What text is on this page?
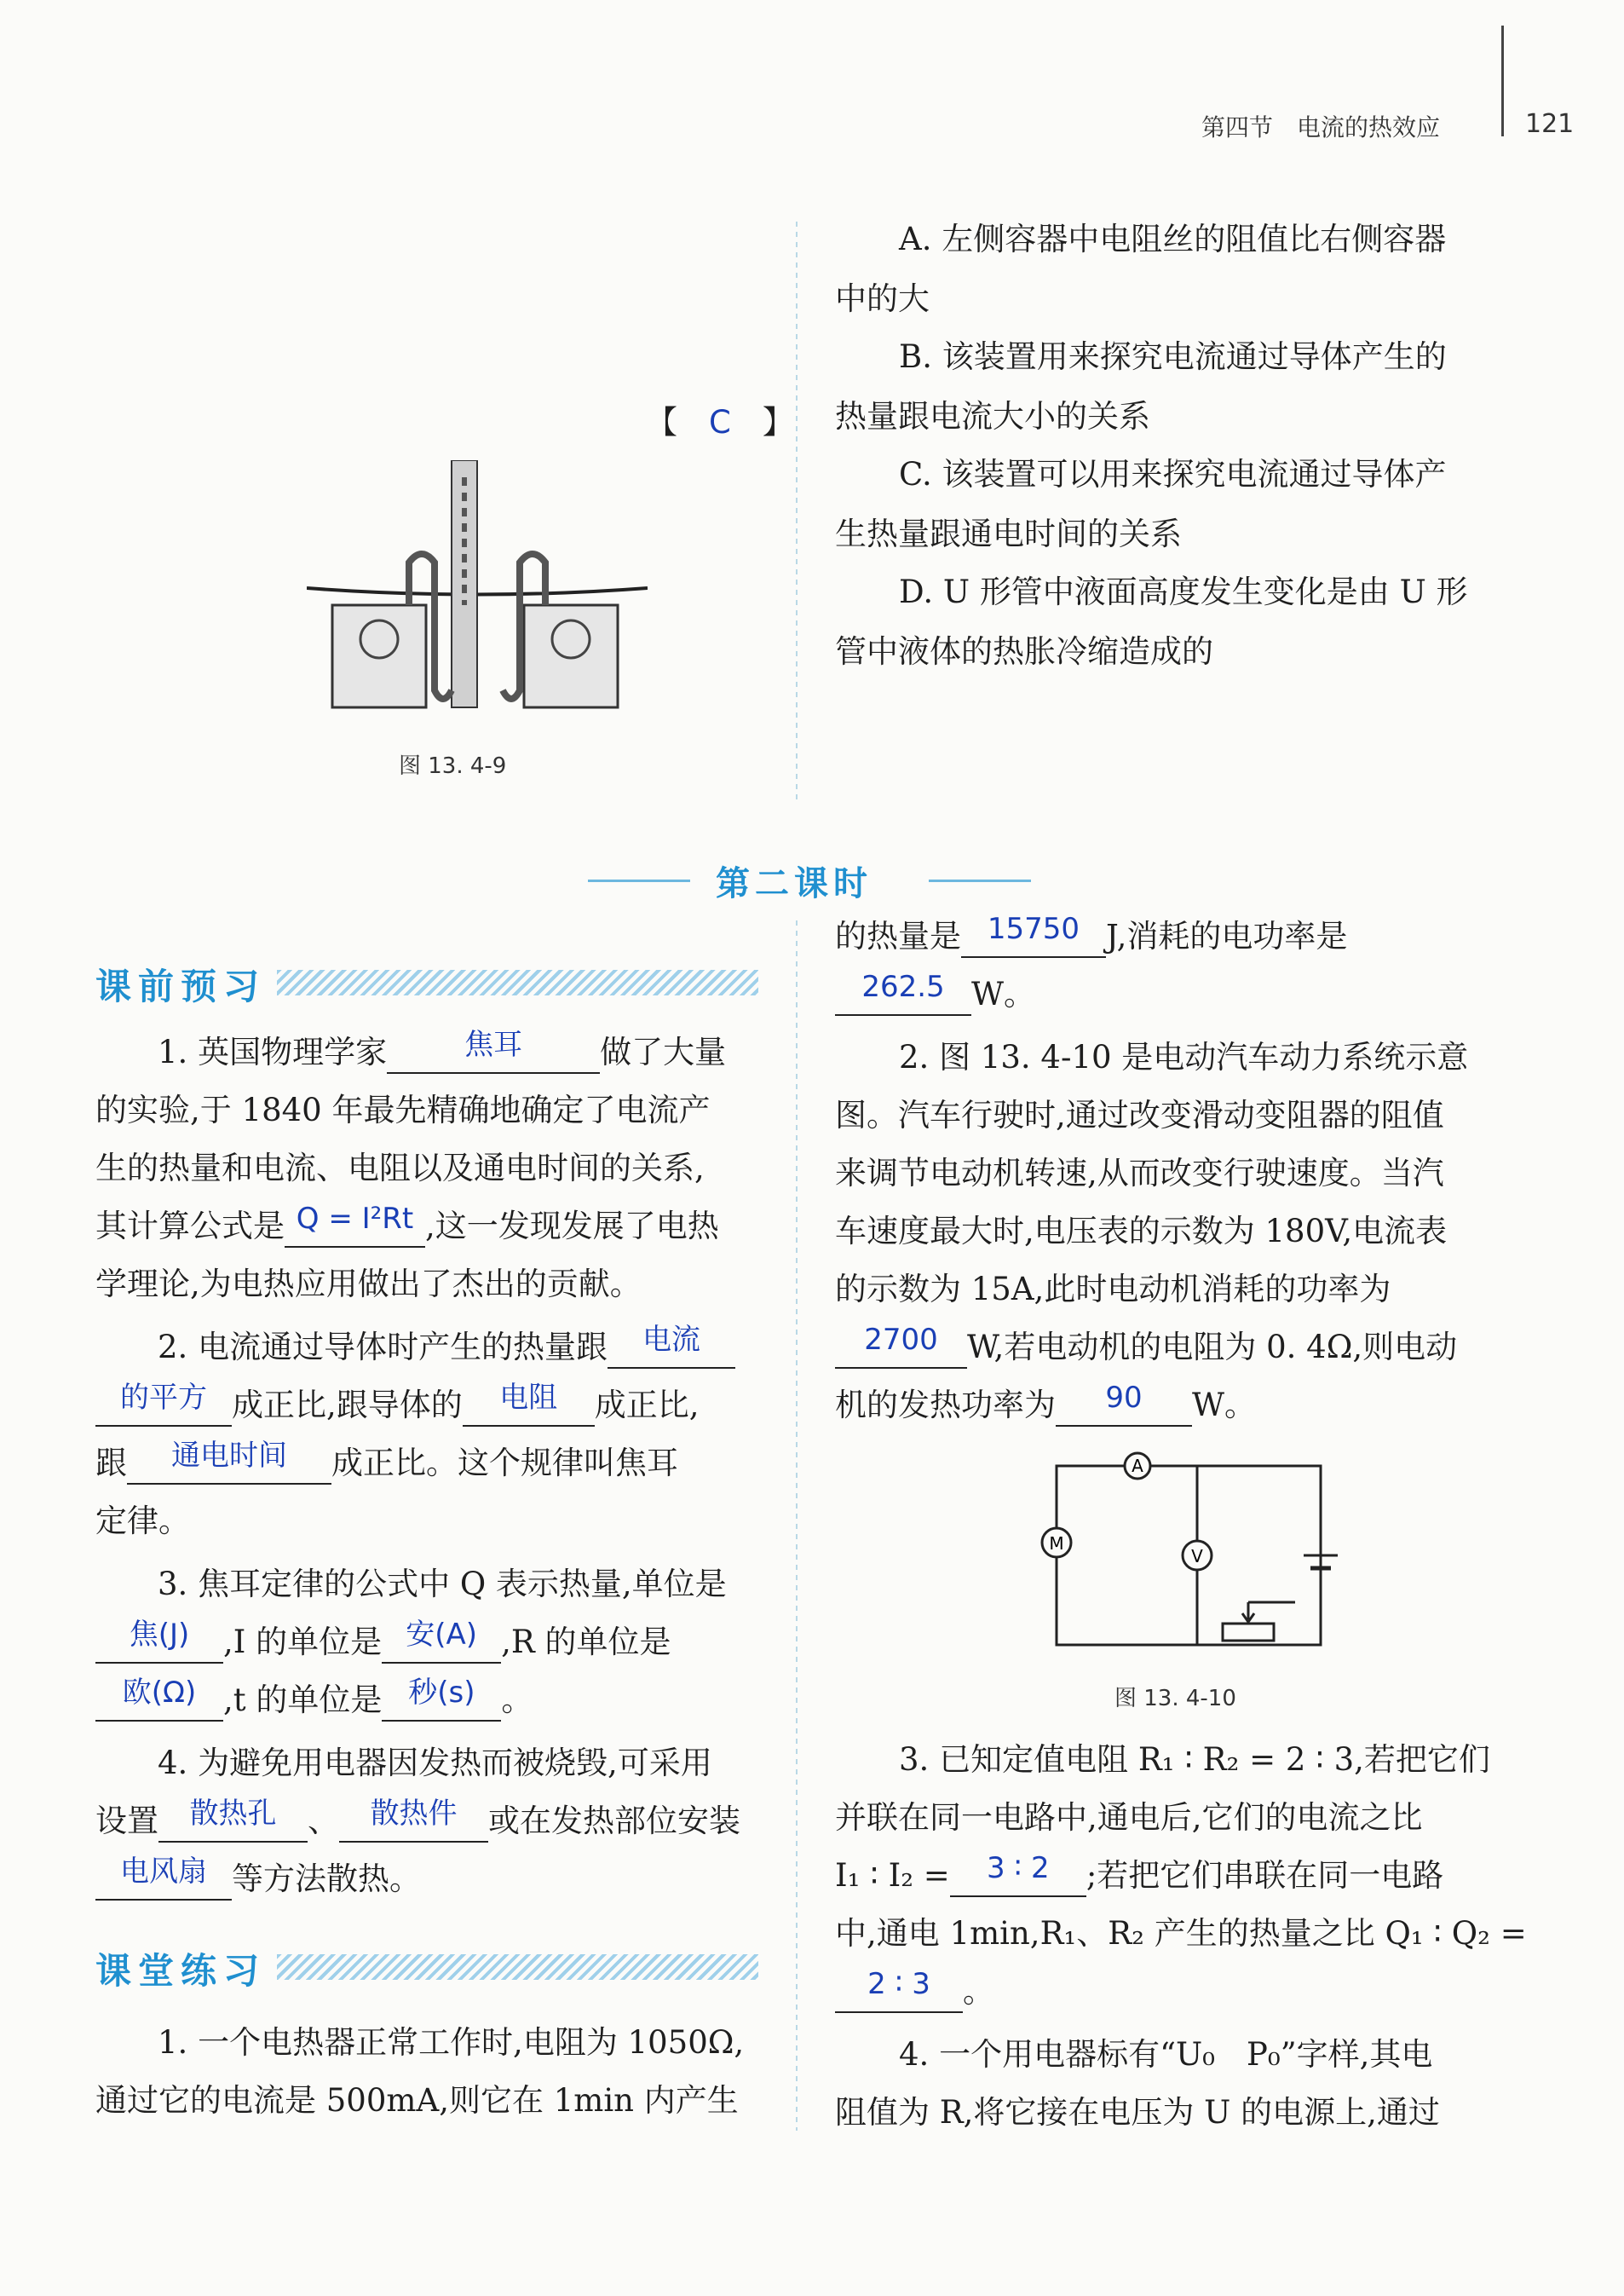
第四节　电流的热效应	121
【　C　】
图 13. 4-9
A. 左侧容器中电阻丝的阻值比右侧容器
中的大
B. 该装置用来探究电流通过导体产生的
热量跟电流大小的关系
C. 该装置可以用来探究电流通过导体产
生热量跟通电时间的关系
D. U 形管中液面高度发生变化是由 U 形
管中液体的热胀冷缩造成的
第二课时
课前预习
1. 英国物理学家	焦耳 做了大量
的实验,于 1840 年最先精确地确定了电流产
生的热量和电流、电阻以及通电时间的关系,
其计算公式是 Q = I²Rt ,这一发现发展了电热
学理论,为电热应用做出了杰出的贡献。
2. 电流通过导体时产生的热量跟 电流
的平方 成正比,跟导体的 电阻 成正比,
跟 通电时间 成正比。这个规律叫焦耳
定律。
3. 焦耳定律的公式中 Q 表示热量,单位是
焦(J) ,I 的单位是 安(A) ,R 的单位是
欧(Ω) ,t 的单位是 秒(s) 。
4. 为避免用电器因发热而被烧毁,可采用
设置 散热孔 、 散热件 或在发热部位安装
电风扇 等方法散热。
课堂练习
1. 一个电热器正常工作时,电阻为 1050Ω,
通过它的电流是 500mA,则它在 1min 内产生
的热量是 15750 J,消耗的电功率是
262.5 W。
2. 图 13. 4-10 是电动汽车动力系统示意
图。汽车行驶时,通过改变滑动变阻器的阻值
来调节电动机转速,从而改变行驶速度。当汽
车速度最大时,电压表的示数为 180V,电流表
的示数为 15A,此时电动机消耗的功率为
2700 W,若电动机的电阻为 0. 4Ω,则电动
机的发热功率为 90 W。
A
M
V
图 13. 4-10
3. 已知定值电阻 R₁ ∶ R₂ = 2 ∶ 3,若把它们
并联在同一电路中,通电后,它们的电流之比
I₁ ∶ I₂ = 3 ∶ 2 ;若把它们串联在同一电路
中,通电 1min,R₁、R₂ 产生的热量之比 Q₁ ∶ Q₂ =
2 ∶ 3 。
4. 一个用电器标有“U₀　P₀”字样,其电
阻值为 R,将它接在电压为 U 的电源上,通过
